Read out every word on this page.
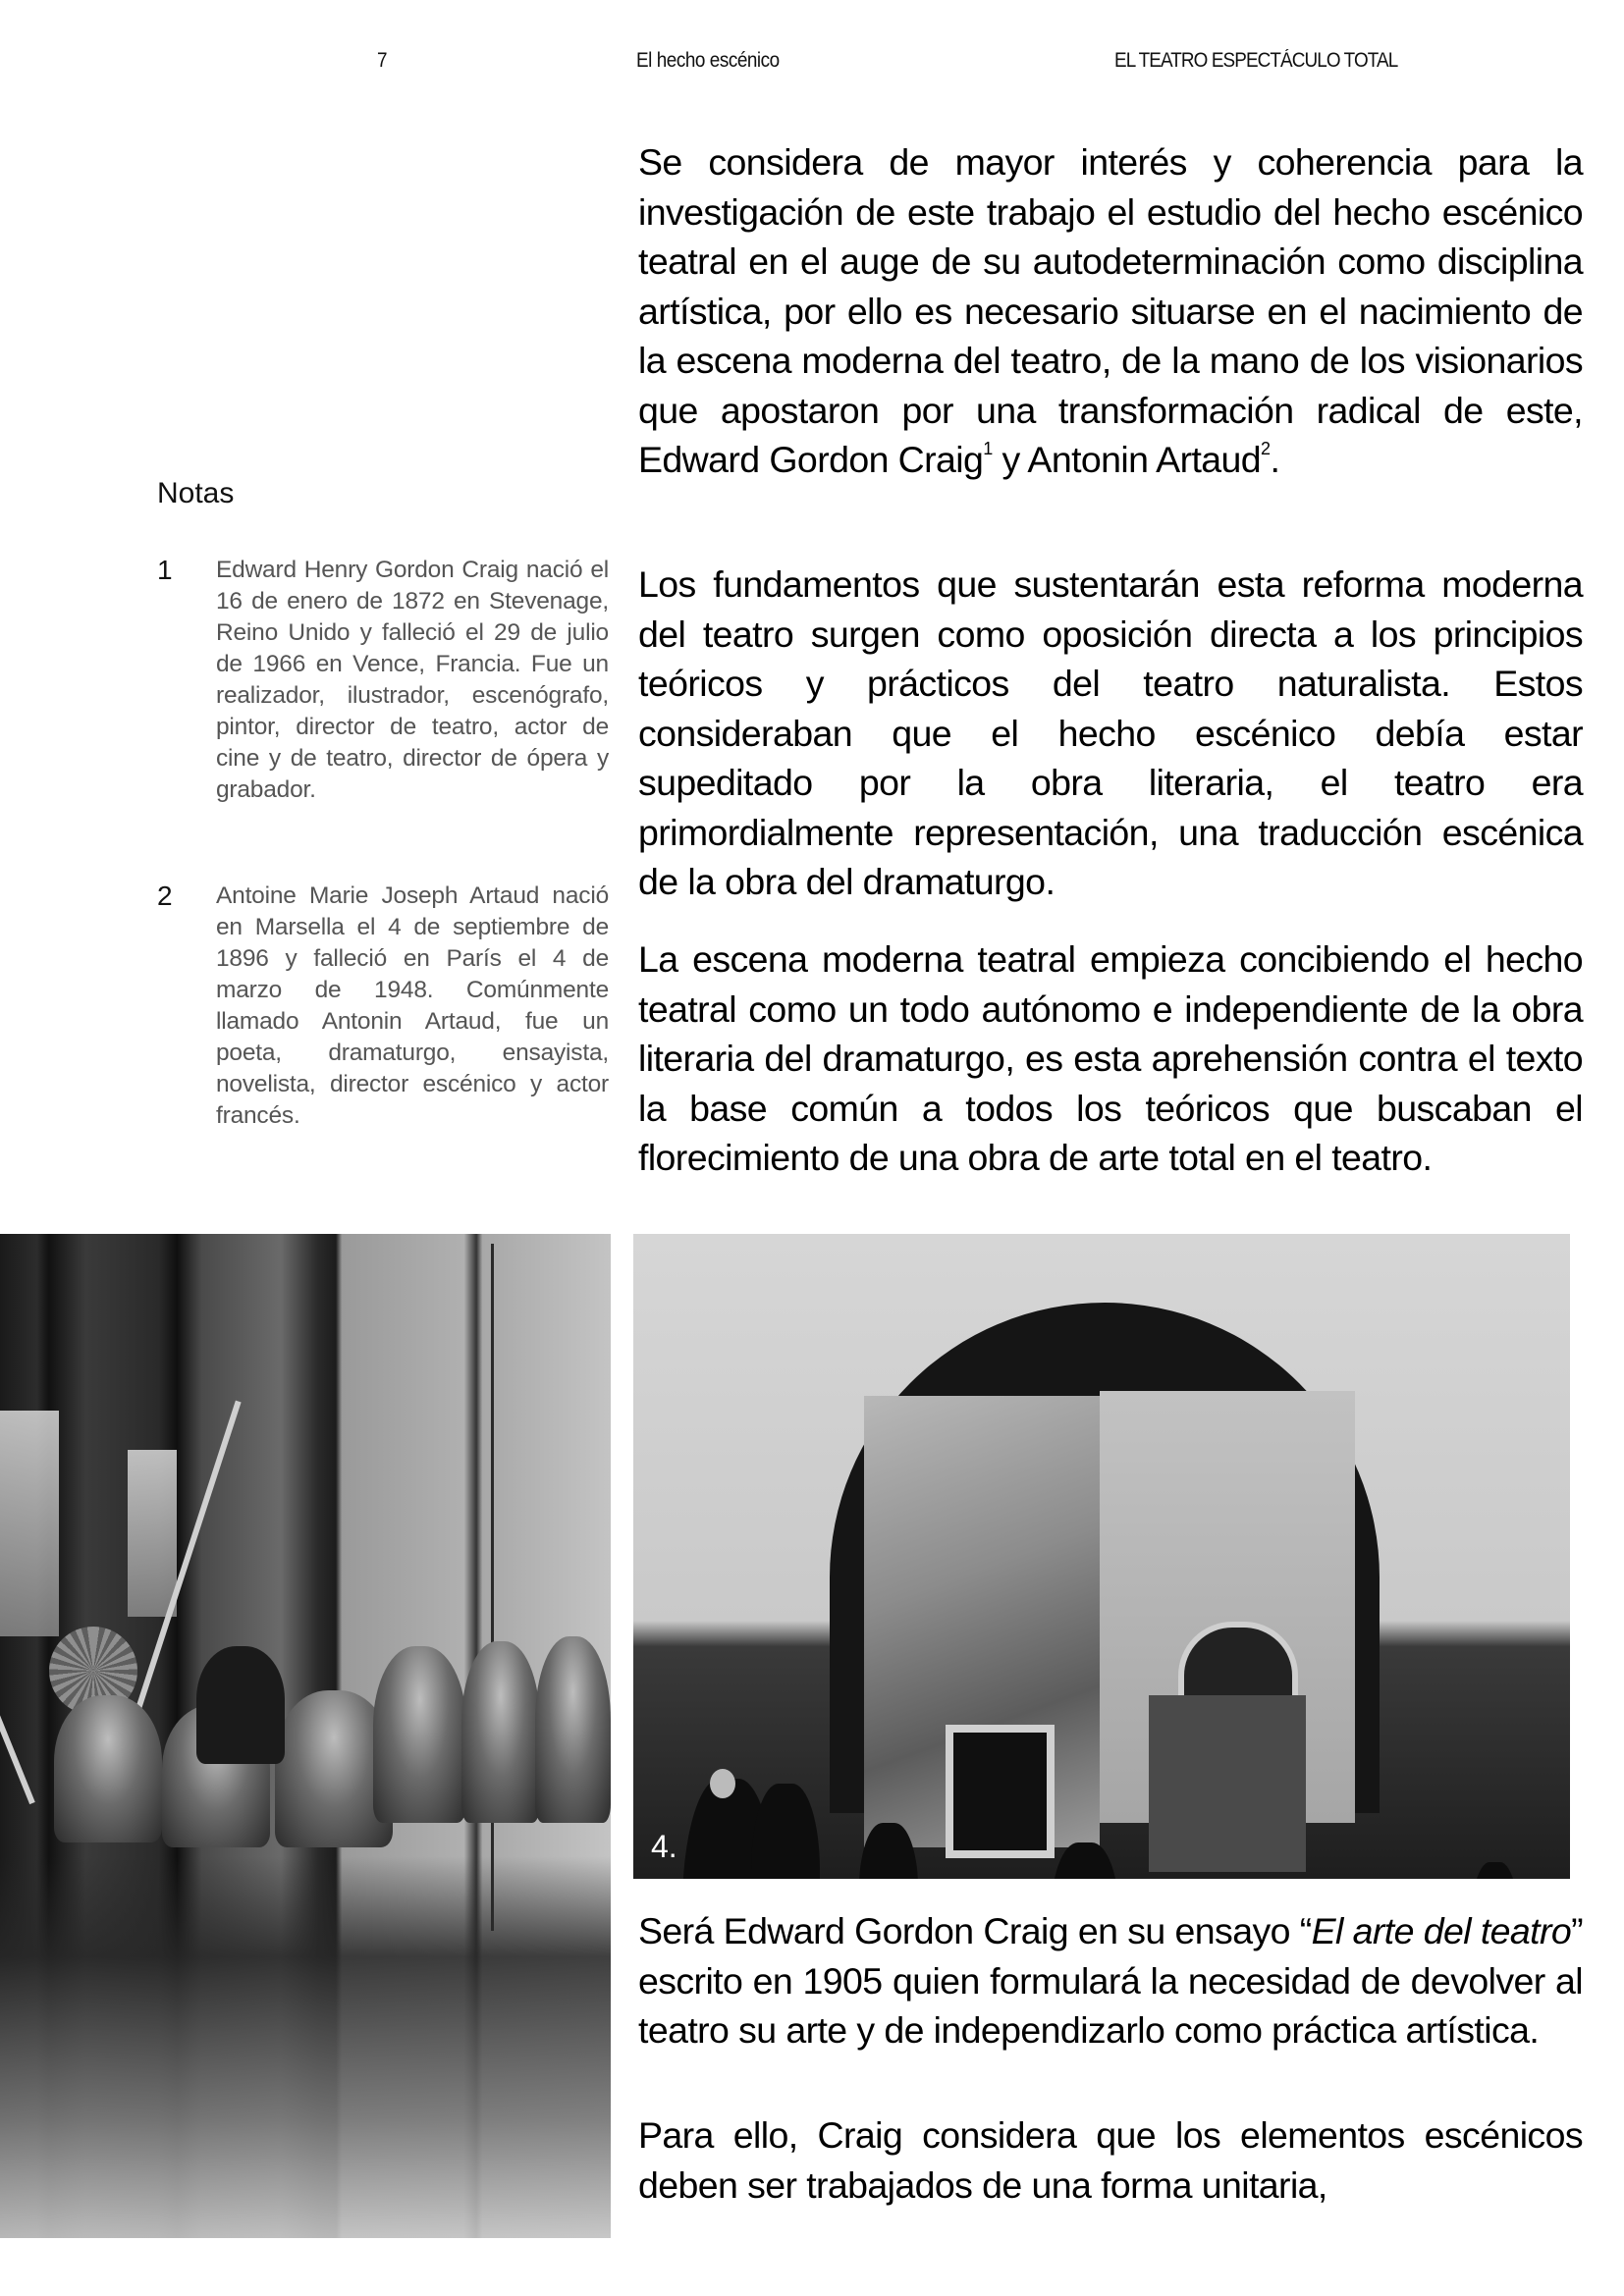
7	El hecho escénico	EL TEATRO ESPECTÁCULO TOTAL

Se considera de mayor interés y coherencia para la investigación de este trabajo el estudio del hecho escénico teatral en el auge de su autodeterminación como disciplina artística, por ello es necesario situarse en el nacimiento de la escena moderna del teatro, de la mano de los visionarios que apostaron por una transformación radical de este, Edward Gordon Craig$^1$ y Antonin Artaud$^2$.

Los fundamentos que sustentarán esta reforma moderna del teatro surgen como oposición directa a los principios teóricos y prácticos del teatro naturalista. Estos consideraban que el hecho escénico debía estar supeditado por la obra literaria, el teatro era primordialmente representación, una traducción escénica de la obra del dramaturgo.

La escena moderna teatral empieza concibiendo el hecho teatral como un todo autónomo e independiente de la obra literaria del dramaturgo, es esta aprehensión contra el texto la base común a todos los teóricos que buscaban el florecimiento de una obra de arte total en el teatro.

Será Edward Gordon Craig en su ensayo “El arte del teatro” escrito en 1905 quien formulará la necesidad de devolver al teatro su arte y de independizarlo como práctica artística.

Para ello, Craig considera que los elementos escénicos deben ser trabajados de una forma unitaria,

Notas
1 Edward Henry Gordon Craig nació el 16 de enero de 1872 en Stevenage, Reino Unido y falleció el 29 de julio de 1966 en Vence, Francia. Fue un realizador, ilustrador, escenógrafo, pintor, director de teatro, actor de cine y de teatro, director de ópera y grabador.
2 Antoine Marie Joseph Artaud nació en Marsella el 4 de septiembre de 1896 y falleció en París el 4 de marzo de 1948. Comúnmente llamado Antonin Artaud, fue un poeta, dramaturgo, ensayista, novelista, director escénico y actor francés.
4.
